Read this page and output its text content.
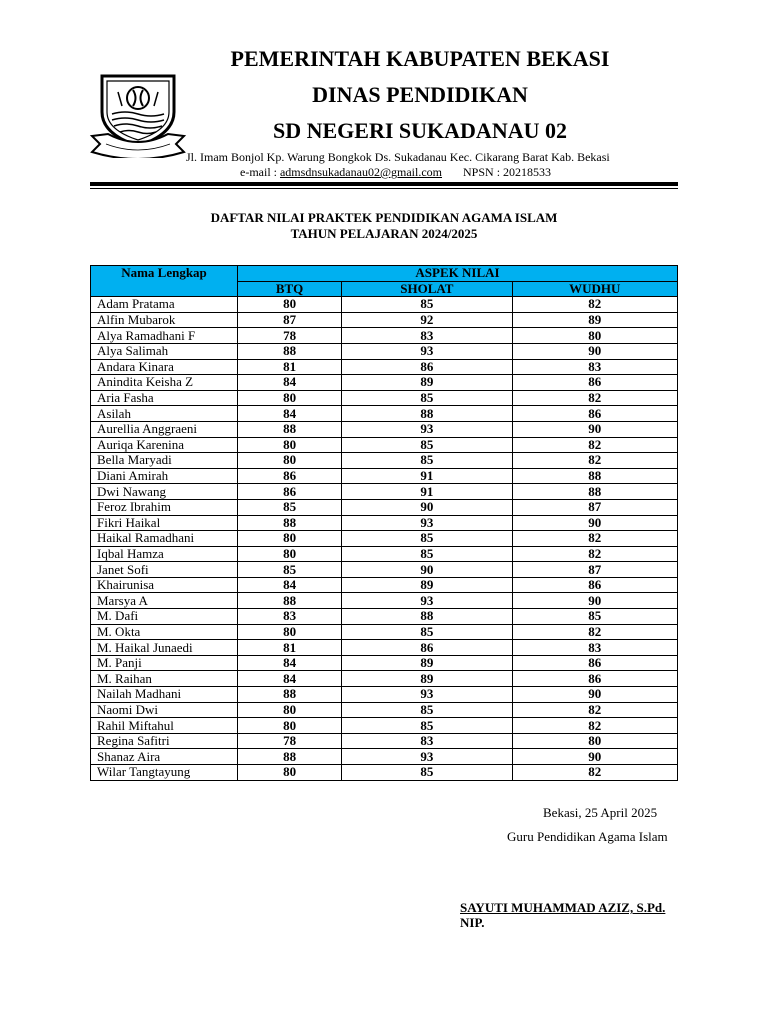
PEMERINTAH KABUPATEN BEKASI
DINAS PENDIDIKAN
SD NEGERI SUKADANAU 02
Jl. Imam Bonjol Kp. Warung Bongkok Ds. Sukadanau Kec. Cikarang Barat Kab. Bekasi
e-mail : admsdnsukadanau02@gmail.com NPSN : 20218533
DAFTAR NILAI PRAKTEK PENDIDIKAN AGAMA ISLAM
TAHUN PELAJARAN 2024/2025
Nama Lengkap	ASPEK NILAI		
	BTQ	SHOLAT	WUDHU
Adam Pratama	80	85	82
Alfin Mubarok	87	92	89
Alya Ramadhani F	78	83	80
Alya Salimah	88	93	90
Andara Kinara	81	86	83
Anindita Keisha Z	84	89	86
Aria Fasha	80	85	82
Asilah	84	88	86
Aurellia Anggraeni	88	93	90
Auriqa Karenina	80	85	82
Bella Maryadi	80	85	82
Diani Amirah	86	91	88
Dwi Nawang	86	91	88
Feroz Ibrahim	85	90	87
Fikri Haikal	88	93	90
Haikal Ramadhani	80	85	82
Iqbal Hamza	80	85	82
Janet Sofi	85	90	87
Khairunisa	84	89	86
Marsya A	88	93	90
M. Dafi	83	88	85
M. Okta	80	85	82
M. Haikal Junaedi	81	86	83
M. Panji	84	89	86
M. Raihan	84	89	86
Nailah Madhani	88	93	90
Naomi Dwi	80	85	82
Rahil Miftahul	80	85	82
Regina Safitri	78	83	80
Shanaz Aira	88	93	90
Wilar Tangtayung	80	85	82
Bekasi, 25 April 2025
Guru Pendidikan Agama Islam
SAYUTI MUHAMMAD AZIZ, S.Pd.
NIP.
